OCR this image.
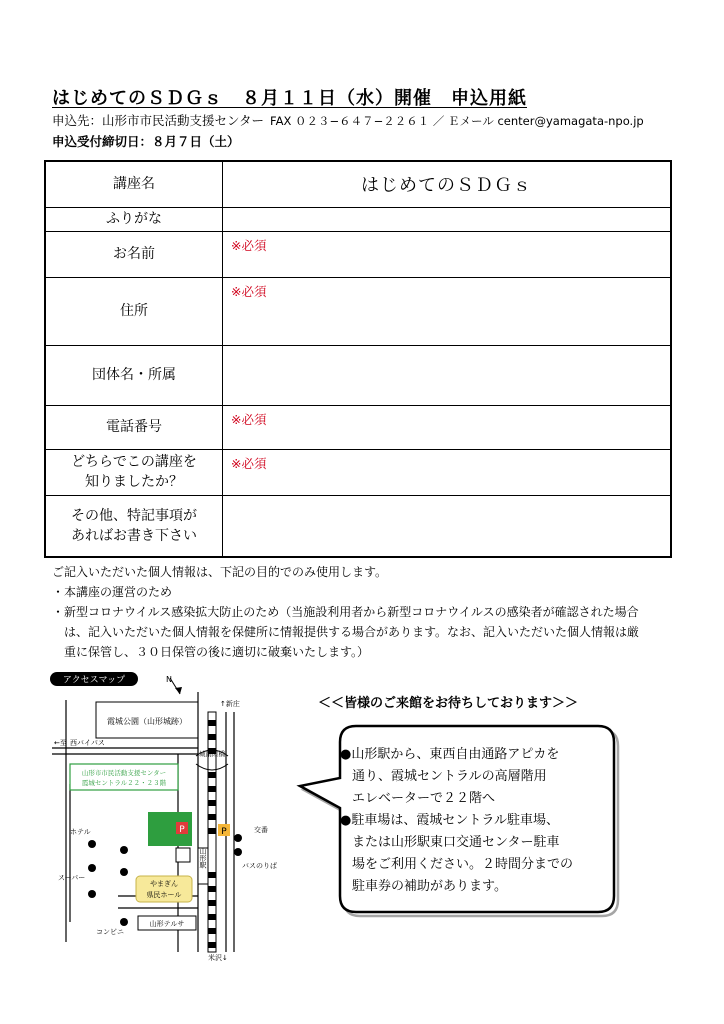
はじめてのＳＤＧｓ　８月１１日（水）開催　申込用紙
申込先：山形市市民活動支援センター FAX ０２３−６４７−２２６１ ／ Ｅメール center@yamagata-npo.jp
申込受付締切日：８月７日（土）
講座名	はじめてのＳＤＧｓ

ふりがな	
お名前	※必須

住所	※必須

団体名・所属	
電話番号	※必須

どちらでこの講座を
知りましたか？	※必須

その他、特記事項が
あればお書き下さい	

ご記入いただいた個人情報は、下記の目的でのみ使用します。

・本講座の運営のため

・新型コロナウイルス感染拡大防止のため（当施設利用者から新型コロナウイルスの感染者が確認された場合

は、記入いただいた個人情報を保健所に情報提供する場合があります。なお、記入いただいた個人情報は厳

重に保管し、３０日保管の後に適切に破棄いたします。）

アクセスマップ	N
霞城公園（山形城跡）
城南陸橋
←至 西バイパス
↑新庄
米沢↓
山形市市民活動支援センター
霞城セントラル２２・２３階
P	P
山形駅
やまぎん
県民ホール
山形テルサ
ホテル
スーパー
コンビニ
交番
バスのりば
＜＜皆様のご来館をお待ちしております＞＞

●山形駅から、東西自由通路アピカを

通り、霞城セントラルの高層階用

エレベーターで２２階へ

●駐車場は、霞城セントラル駐車場、

または山形駅東口交通センター駐車

場をご利用ください。２時間分までの

駐車券の補助があります。
